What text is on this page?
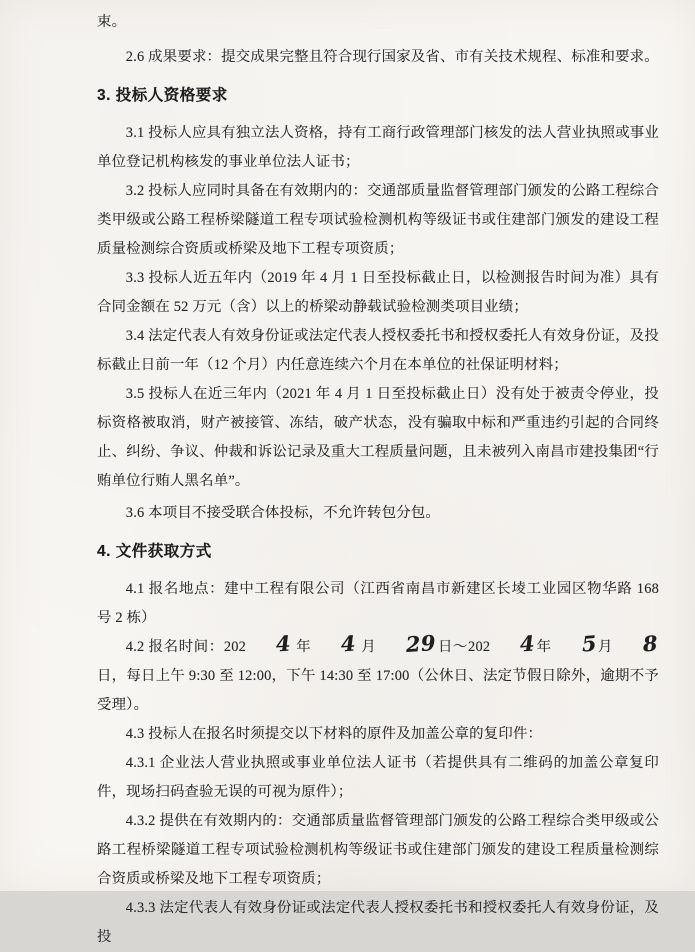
束。

2.6 成果要求：提交成果完整且符合现行国家及省、市有关技术规程、标准和要求。

3. 投标人资格要求

3.1 投标人应具有独立法人资格，持有工商行政管理部门核发的法人营业执照或事业单位登记机构核发的事业单位法人证书；

3.2 投标人应同时具备在有效期内的：交通部质量监督管理部门颁发的公路工程综合类甲级或公路工程桥梁隧道工程专项试验检测机构等级证书或住建部门颁发的建设工程质量检测综合资质或桥梁及地下工程专项资质；

3.3 投标人近五年内（2019 年 4 月 1 日至投标截止日，以检测报告时间为准）具有合同金额在 52 万元（含）以上的桥梁动静载试验检测类项目业绩；

3.4 法定代表人有效身份证或法定代表人授权委托书和授权委托人有效身份证，及投标截止日前一年（12 个月）内任意连续六个月在本单位的社保证明材料；

3.5 投标人在近三年内（2021 年 4 月 1 日至投标截止日）没有处于被责令停业，投标资格被取消，财产被接管、冻结，破产状态，没有骗取中标和严重违约引起的合同终止、纠纷、争议、仲裁和诉讼记录及重大工程质量问题，且未被列入南昌市建投集团“行贿单位行贿人黑名单”。

3.6 本项目不接受联合体投标，不允许转包分包。

4. 文件获取方式

4.1 报名地点：建中工程有限公司（江西省南昌市新建区长堎工业园区物华路 168 号 2 栋）

4.2 报名时间：202 4 年 4 月 29日～202 4年 5月 8日，每日上午 9:30 至 12:00，下午 14:30 至 17:00（公休日、法定节假日除外，逾期不予受理）。

4.3 投标人在报名时须提交以下材料的原件及加盖公章的复印件：

4.3.1 企业法人营业执照或事业单位法人证书（若提供具有二维码的加盖公章复印件，现场扫码查验无误的可视为原件）；

4.3.2 提供在有效期内的：交通部质量监督管理部门颁发的公路工程综合类甲级或公路工程桥梁隧道工程专项试验检测机构等级证书或住建部门颁发的建设工程质量检测综合资质或桥梁及地下工程专项资质；

4.3.3 法定代表人有效身份证或法定代表人授权委托书和授权委托人有效身份证，及投
